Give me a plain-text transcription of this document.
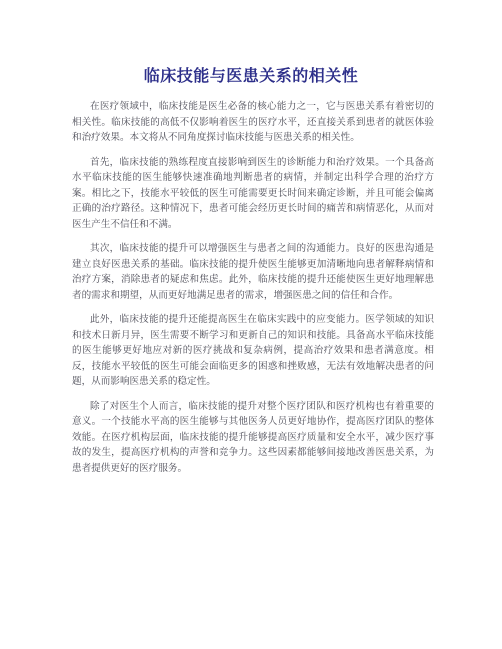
临床技能与医患关系的相关性

在医疗领域中，临床技能是医生必备的核心能力之一，它与医患关系有着密切的相关性。临床技能的高低不仅影响着医生的医疗水平，还直接关系到患者的就医体验和治疗效果。本文将从不同角度探讨临床技能与医患关系的相关性。

首先，临床技能的熟练程度直接影响到医生的诊断能力和治疗效果。一个具备高水平临床技能的医生能够快速准确地判断患者的病情，并制定出科学合理的治疗方案。相比之下，技能水平较低的医生可能需要更长时间来确定诊断，并且可能会偏离正确的治疗路径。这种情况下，患者可能会经历更长时间的痛苦和病情恶化，从而对医生产生不信任和不满。

其次，临床技能的提升可以增强医生与患者之间的沟通能力。良好的医患沟通是建立良好医患关系的基础。临床技能的提升使医生能够更加清晰地向患者解释病情和治疗方案，消除患者的疑虑和焦虑。此外，临床技能的提升还能使医生更好地理解患者的需求和期望，从而更好地满足患者的需求，增强医患之间的信任和合作。

此外，临床技能的提升还能提高医生在临床实践中的应变能力。医学领域的知识和技术日新月异，医生需要不断学习和更新自己的知识和技能。具备高水平临床技能的医生能够更好地应对新的医疗挑战和复杂病例，提高治疗效果和患者满意度。相反，技能水平较低的医生可能会面临更多的困惑和挫败感，无法有效地解决患者的问题，从而影响医患关系的稳定性。

除了对医生个人而言，临床技能的提升对整个医疗团队和医疗机构也有着重要的意义。一个技能水平高的医生能够与其他医务人员更好地协作，提高医疗团队的整体效能。在医疗机构层面，临床技能的提升能够提高医疗质量和安全水平，减少医疗事故的发生，提高医疗机构的声誉和竞争力。这些因素都能够间接地改善医患关系，为患者提供更好的医疗服务。
